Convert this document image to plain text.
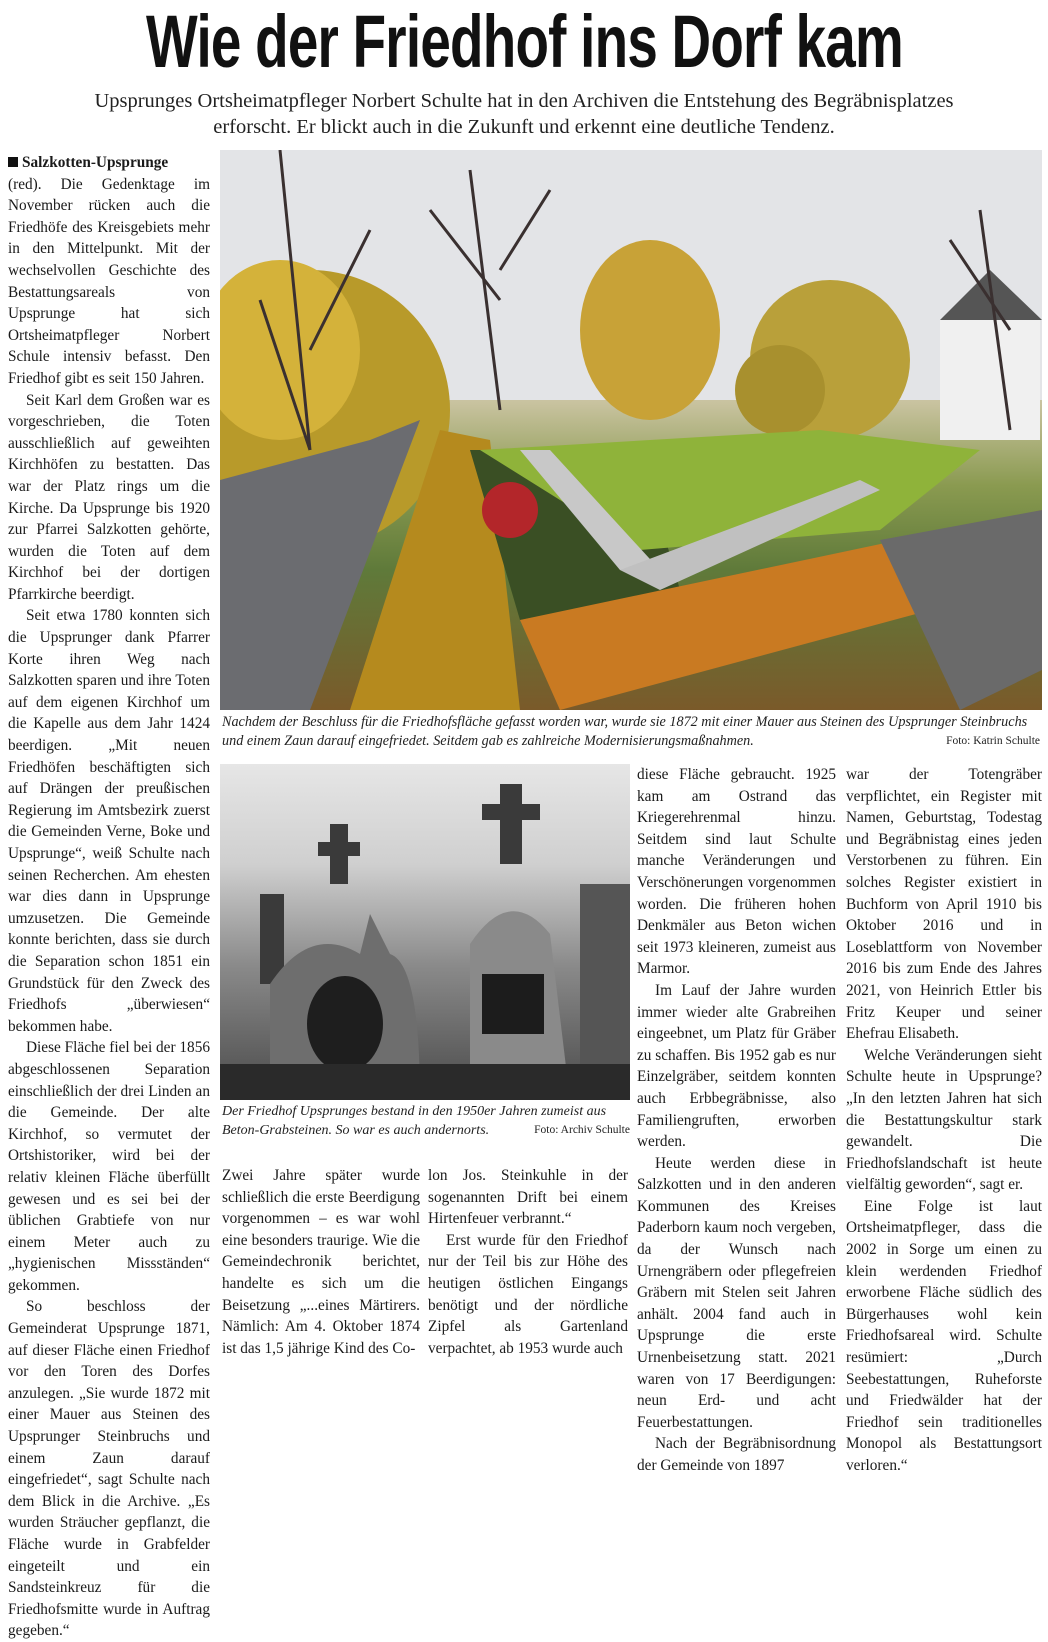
Wie der Friedhof ins Dorf kam

Upsprunges Ortsheimatpfleger Norbert Schulte hat in den Archiven die Entstehung des Begräbnisplatzes erforscht. Er blickt auch in die Zukunft und erkennt eine deutliche Tendenz.

Salzkotten-Upsprunge

(red). Die Gedenktage im November rücken auch die Friedhöfe des Kreisgebiets mehr in den Mittelpunkt. Mit der wechselvollen Geschichte des Bestattungsareals von Upsprunge hat sich Ortsheimatpfleger Norbert Schule intensiv befasst. Den Friedhof gibt es seit 150 Jahren.

Seit Karl dem Großen war es vorgeschrieben, die Toten ausschließlich auf geweihten Kirchhöfen zu bestatten. Das war der Platz rings um die Kirche. Da Upsprunge bis 1920 zur Pfarrei Salzkotten gehörte, wurden die Toten auf dem Kirchhof bei der dortigen Pfarrkirche beerdigt.

Seit etwa 1780 konnten sich die Upsprunger dank Pfarrer Korte ihren Weg nach Salzkotten sparen und ihre Toten auf dem eigenen Kirchhof um die Kapelle aus dem Jahr 1424 beerdigen. „Mit neuen Friedhöfen beschäftigten sich auf Drängen der preußischen Regierung im Amtsbezirk zuerst die Gemeinden Verne, Boke und Upsprunge“, weiß Schulte nach seinen Recherchen. Am ehesten war dies dann in Upsprunge umzusetzen. Die Gemeinde konnte berichten, dass sie durch die Separation schon 1851 ein Grundstück für den Zweck des Friedhofs „überwiesen“ bekommen habe.

Diese Fläche fiel bei der 1856 abgeschlossenen Separation einschließlich der drei Linden an die Gemeinde. Der alte Kirchhof, so vermutet der Ortshistoriker, wird bei der relativ kleinen Fläche überfüllt gewesen und es sei bei der üblichen Grabtiefe von nur einem Meter auch zu „hygienischen Missständen“ gekommen.

So beschloss der Gemeinderat Upsprunge 1871, auf dieser Fläche einen Friedhof vor den Toren des Dorfes anzulegen. „Sie wurde 1872 mit einer Mauer aus Steinen des Upsprunger Steinbruchs und einem Zaun darauf eingefriedet“, sagt Schulte nach dem Blick in die Archive. „Es wurden Sträucher gepflanzt, die Fläche wurde in Grabfelder eingeteilt und ein Sandsteinkreuz für die Friedhofsmitte wurde in Auftrag gegeben.“

Nachdem der Beschluss für die Friedhofsfläche gefasst worden war, wurde sie 1872 mit einer Mauer aus Steinen des Upsprunger Steinbruchs und einem Zaun darauf eingefriedet. Seitdem gab es zahlreiche Modernisierungsmaßnahmen.	Foto: Katrin Schulte
Der Friedhof Upsprunges bestand in den 1950er Jahren zumeist aus Beton-Grabsteinen. So war es auch andernorts.	Foto: Archiv Schulte

Zwei Jahre später wurde schließlich die erste Beerdigung vorgenommen – es war wohl eine besonders traurige. Wie die Gemeindechronik berichtet, handelte es sich um die Beisetzung „...eines Märtirers. Nämlich: Am 4. Oktober 1874 ist das 1,5 jährige Kind des Co-

lon Jos. Steinkuhle in der sogenannten Drift bei einem Hirtenfeuer verbrannt.“

Erst wurde für den Friedhof nur der Teil bis zur Höhe des heutigen östlichen Eingangs benötigt und der nördliche Zipfel als Gartenland verpachtet, ab 1953 wurde auch

diese Fläche gebraucht. 1925 kam am Ostrand das Kriegerehrenmal hinzu. Seitdem sind laut Schulte manche Veränderungen und Verschönerungen vorgenommen worden. Die früheren hohen Denkmäler aus Beton wichen seit 1973 kleineren, zumeist aus Marmor.

Im Lauf der Jahre wurden immer wieder alte Grabreihen eingeebnet, um Platz für Gräber zu schaffen. Bis 1952 gab es nur Einzelgräber, seitdem konnten auch Erbbegräbnisse, also Familiengruften, erworben werden.

Heute werden diese in Salzkotten und in den anderen Kommunen des Kreises Paderborn kaum noch vergeben, da der Wunsch nach Urnengräbern oder pflegefreien Gräbern mit Stelen seit Jahren anhält. 2004 fand auch in Upsprunge die erste Urnenbeisetzung statt. 2021 waren von 17 Beerdigungen: neun Erd- und acht Feuerbestattungen.

Nach der Begräbnisordnung der Gemeinde von 1897

war der Totengräber verpflichtet, ein Register mit Namen, Geburtstag, Todestag und Begräbnistag eines jeden Verstorbenen zu führen. Ein solches Register existiert in Buchform von April 1910 bis Oktober 2016 und in Loseblattform von November 2016 bis zum Ende des Jahres 2021, von Heinrich Ettler bis Fritz Keuper und seiner Ehefrau Elisabeth.

Welche Veränderungen sieht Schulte heute in Upsprunge? „In den letzten Jahren hat sich die Bestattungskultur stark gewandelt. Die Friedhofslandschaft ist heute vielfältig geworden“, sagt er.

Eine Folge ist laut Ortsheimatpfleger, dass die 2002 in Sorge um einen zu klein werdenden Friedhof erworbene Fläche südlich des Bürgerhauses wohl kein Friedhofsareal wird. Schulte resümiert: „Durch Seebestattungen, Ruheforste und Friedwälder hat der Friedhof sein traditionelles Monopol als Bestattungsort verloren.“
